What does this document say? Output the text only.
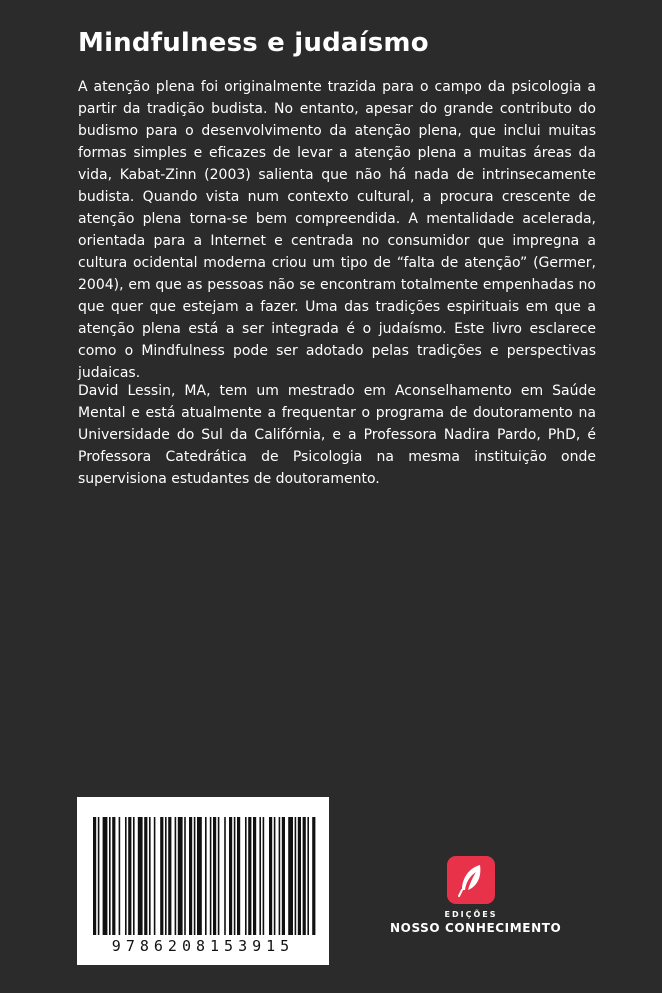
Mindfulness e judaísmo

A atenção plena foi originalmente trazida para o campo da psicologia a partir da tradição budista. No entanto, apesar do grande contributo do budismo para o desenvolvimento da atenção plena, que inclui muitas formas simples e eficazes de levar a atenção plena a muitas áreas da vida, Kabat-Zinn (2003) salienta que não há nada de intrinsecamente budista. Quando vista num contexto cultural, a procura crescente de atenção plena torna-se bem compreendida. A mentalidade acelerada, orientada para a Internet e centrada no consumidor que impregna a cultura ocidental moderna criou um tipo de “falta de atenção” (Germer, 2004), em que as pessoas não se encontram totalmente empenhadas no que quer que estejam a fazer. Uma das tradições espirituais em que a atenção plena está a ser integrada é o judaísmo. Este livro esclarece como o Mindfulness pode ser adotado pelas tradições e perspectivas judaicas.

David Lessin, MA, tem um mestrado em Aconselhamento em Saúde Mental e está atualmente a frequentar o programa de doutoramento na Universidade do Sul da Califórnia, e a Professora Nadira Pardo, PhD, é Professora Catedrática de Psicologia na mesma instituição onde supervisiona estudantes de doutoramento.

9786208153915
EDIÇÕES
NOSSO CONHECIMENTO
